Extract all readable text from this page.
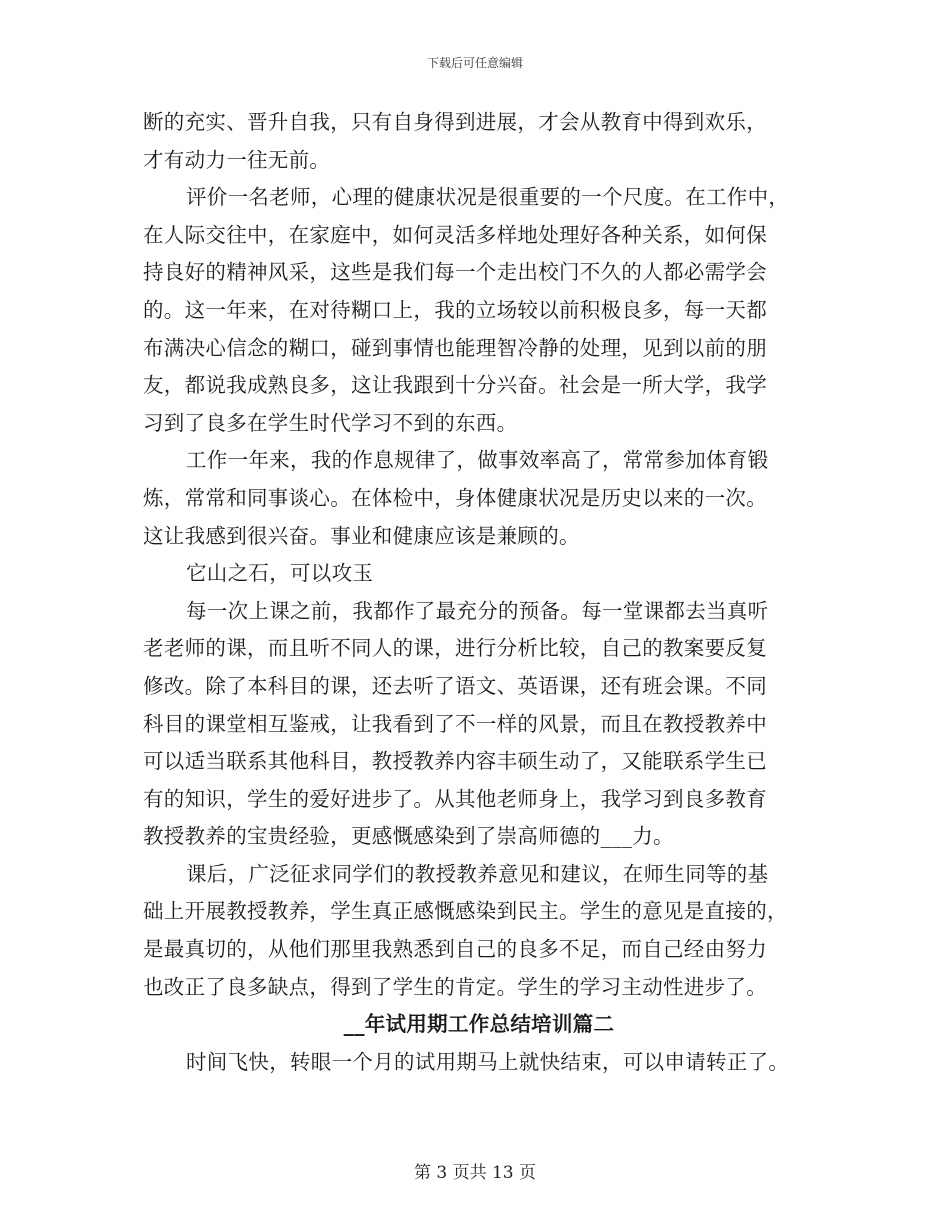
下载后可任意编辑
断的充实、晋升自我，只有自身得到进展，才会从教育中得到欢乐，
才有动力一往无前。
评价一名老师，心理的健康状况是很重要的一个尺度。在工作中，
在人际交往中，在家庭中，如何灵活多样地处理好各种关系，如何保
持良好的精神风采，这些是我们每一个走出校门不久的人都必需学会
的。这一年来，在对待糊口上，我的立场较以前积极良多，每一天都
布满决心信念的糊口，碰到事情也能理智冷静的处理，见到以前的朋
友，都说我成熟良多，这让我跟到十分兴奋。社会是一所大学，我学
习到了良多在学生时代学习不到的东西。
工作一年来，我的作息规律了，做事效率高了，常常参加体育锻
炼，常常和同事谈心。在体检中，身体健康状况是历史以来的一次。
这让我感到很兴奋。事业和健康应该是兼顾的。
它山之石，可以攻玉
每一次上课之前，我都作了最充分的预备。每一堂课都去当真听
老老师的课，而且听不同人的课，进行分析比较，自己的教案要反复
修改。除了本科目的课，还去听了语文、英语课，还有班会课。不同
科目的课堂相互鉴戒，让我看到了不一样的风景，而且在教授教养中
可以适当联系其他科目，教授教养内容丰硕生动了，又能联系学生已
有的知识，学生的爱好进步了。从其他老师身上，我学习到良多教育
教授教养的宝贵经验，更感慨感染到了崇高师德的___力。
课后，广泛征求同学们的教授教养意见和建议，在师生同等的基
础上开展教授教养，学生真正感慨感染到民主。学生的意见是直接的，
是最真切的，从他们那里我熟悉到自己的良多不足，而自己经由努力
也改正了良多缺点，得到了学生的肯定。学生的学习主动性进步了。
__年试用期工作总结培训篇二
时间飞快，转眼一个月的试用期马上就快结束，可以申请转正了。
第 3 页共 13 页
